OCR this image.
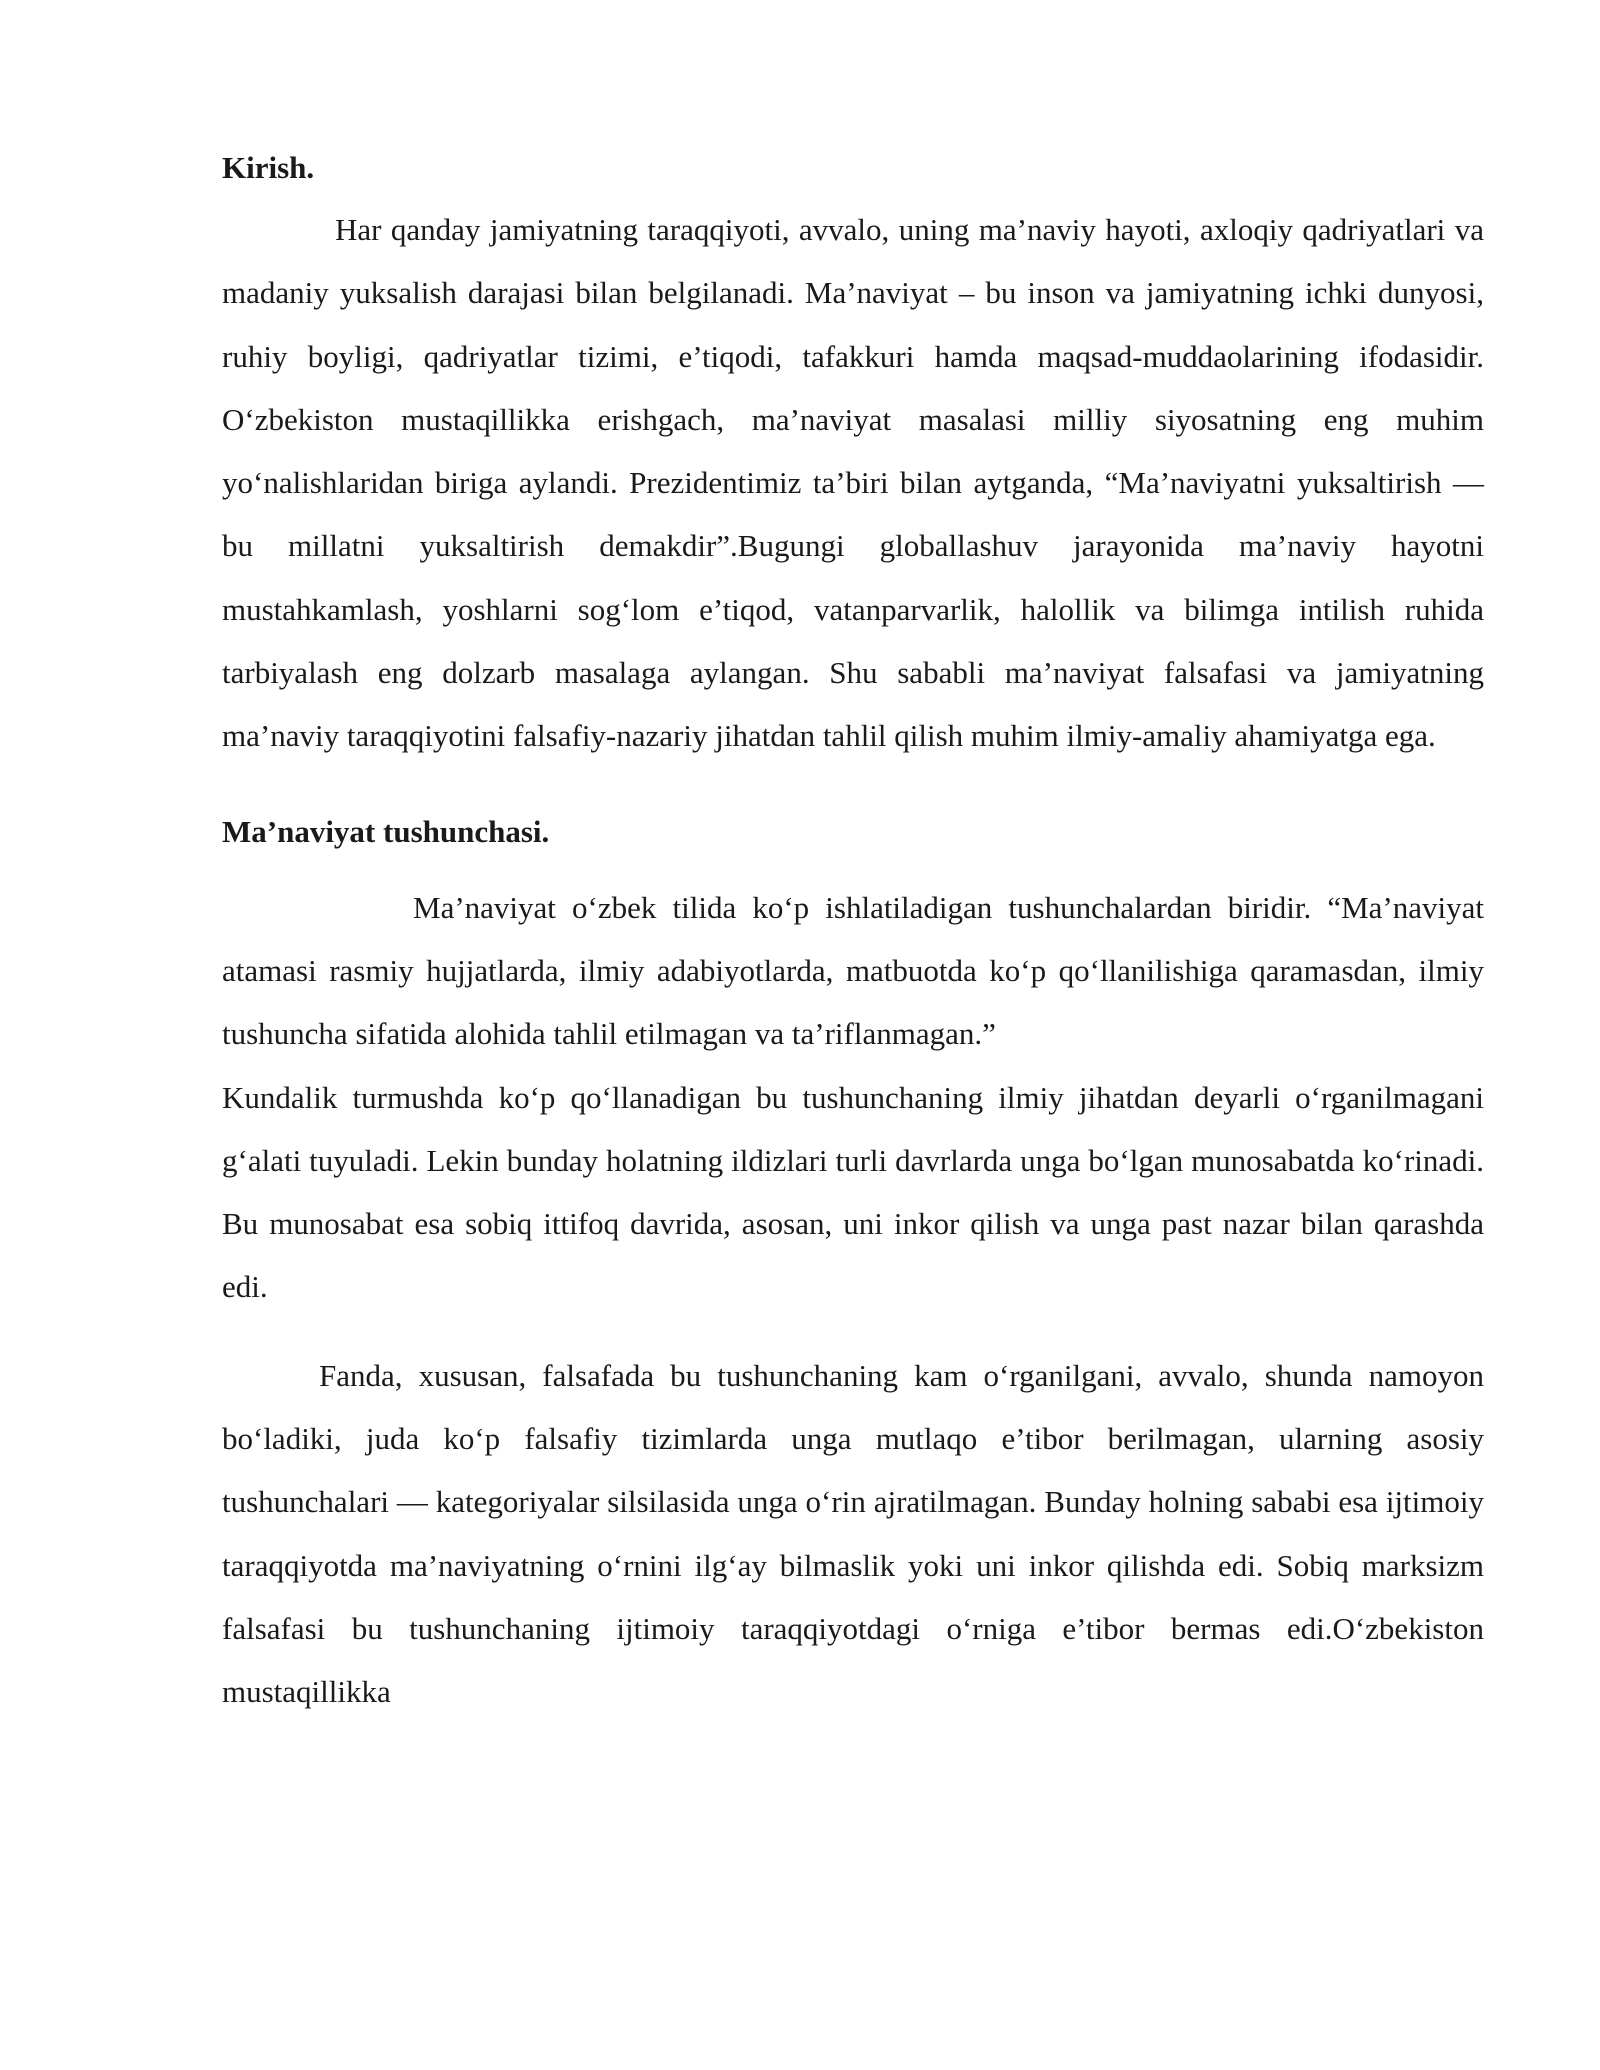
Kirish.

Har qanday jamiyatning taraqqiyoti, avvalo, uning ma’naviy hayoti, axloqiy qadriyatlari va madaniy yuksalish darajasi bilan belgilanadi. Ma’naviyat – bu inson va jamiyatning ichki dunyosi, ruhiy boyligi, qadriyatlar tizimi, e’tiqodi, tafakkuri hamda maqsad-muddaolarining ifodasidir. O‘zbekiston mustaqillikka erishgach, ma’naviyat masalasi milliy siyosatning eng muhim yo‘nalishlaridan biriga aylandi. Prezidentimiz ta’biri bilan aytganda, “Ma’naviyatni yuksaltirish — bu millatni yuksaltirish demakdir”.Bugungi globallashuv jarayonida ma’naviy hayotni mustahkamlash, yoshlarni sog‘lom e’tiqod, vatanparvarlik, halollik va bilimga intilish ruhida tarbiyalash eng dolzarb masalaga aylangan. Shu sababli ma’naviyat falsafasi va jamiyatning ma’naviy taraqqiyotini falsafiy-nazariy jihatdan tahlil qilish muhim ilmiy-amaliy ahamiyatga ega.

Ma’naviyat tushunchasi.

Ma’naviyat o‘zbek tilida ko‘p ishlatiladigan tushunchalardan biridir. “Ma’naviyat atamasi rasmiy hujjatlarda, ilmiy adabiyotlarda, matbuotda ko‘p qo‘llanilishiga qaramasdan, ilmiy tushuncha sifatida alohida tahlil etilmagan va ta’riflanmagan.”

Kundalik turmushda ko‘p qo‘llanadigan bu tushunchaning ilmiy jihatdan deyarli o‘rganilmagani g‘alati tuyuladi. Lekin bunday holatning ildizlari turli davrlarda unga bo‘lgan munosabatda ko‘rinadi. Bu munosabat esa sobiq ittifoq davrida, asosan, uni inkor qilish va unga past nazar bilan qarashda edi.

Fanda, xususan, falsafada bu tushunchaning kam o‘rganilgani, avvalo, shunda namoyon bo‘ladiki, juda ko‘p falsafiy tizimlarda unga mutlaqo e’tibor berilmagan, ularning asosiy tushunchalari — kategoriyalar silsilasida unga o‘rin ajratilmagan. Bunday holning sababi esa ijtimoiy taraqqiyotda ma’naviyatning o‘rnini ilg‘ay bilmaslik yoki uni inkor qilishda edi. Sobiq marksizm falsafasi bu tushunchaning ijtimoiy taraqqiyotdagi o‘rniga e’tibor bermas edi.O‘zbekiston mustaqillikka
